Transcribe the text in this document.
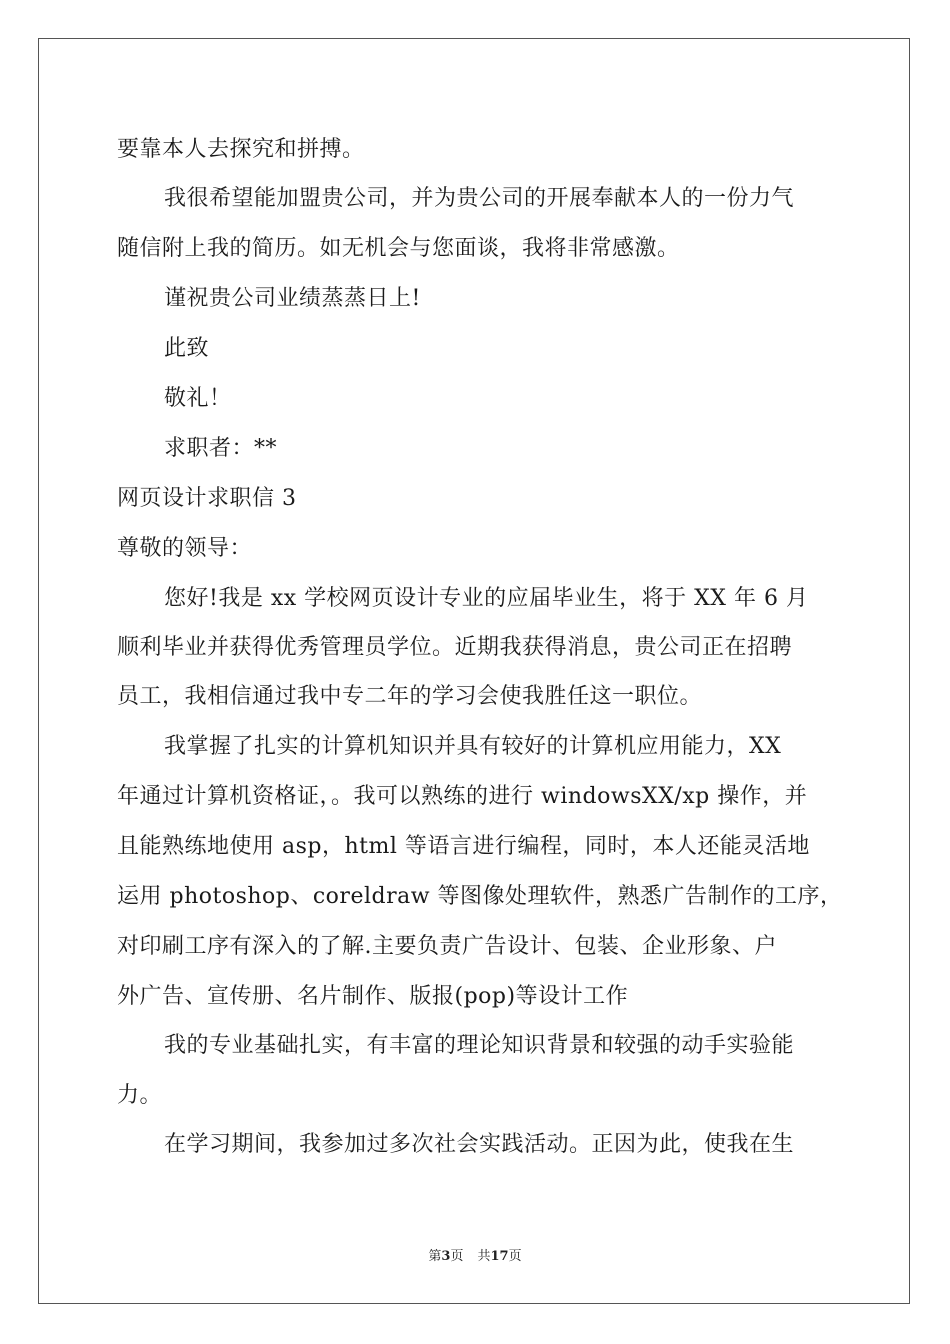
要靠本人去探究和拼搏。
我很希望能加盟贵公司，并为贵公司的开展奉献本人的一份力气
随信附上我的简历。如无机会与您面谈，我将非常感激。
谨祝贵公司业绩蒸蒸日上!
此致
敬礼！
求职者：**
网页设计求职信 3
尊敬的领导：
您好!我是 xx 学校网页设计专业的应届毕业生，将于 XX 年 6 月
顺利毕业并获得优秀管理员学位。近期我获得消息，贵公司正在招聘
员工，我相信通过我中专二年的学习会使我胜任这一职位。
我掌握了扎实的计算机知识并具有较好的计算机应用能力，XX
年通过计算机资格证，。我可以熟练的进行 windowsXX/xp 操作，并
且能熟练地使用 asp，html 等语言进行编程，同时，本人还能灵活地
运用 photoshop、coreldraw 等图像处理软件，熟悉广告制作的工序，
对印刷工序有深入的了解.主要负责广告设计、包装、企业形象、户
外广告、宣传册、名片制作、版报(pop)等设计工作
我的专业基础扎实，有丰富的理论知识背景和较强的动手实验能
力。
在学习期间，我参加过多次社会实践活动。正因为此，使我在生
第3页 共17页
